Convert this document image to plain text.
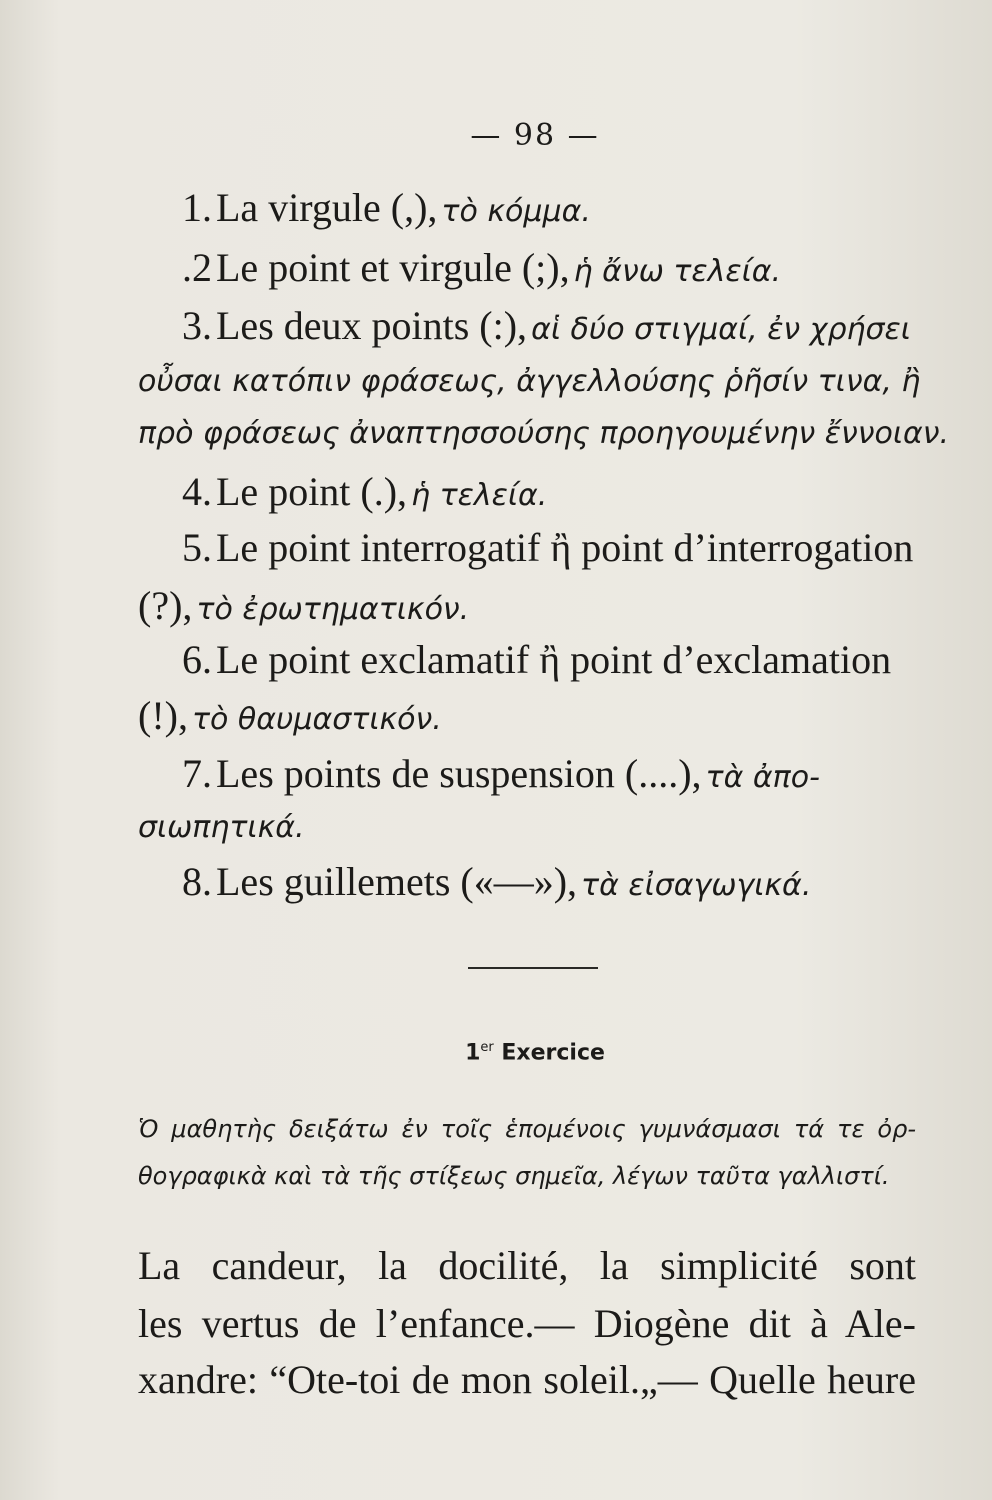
— 98 —
1. La virgule (,), τὸ κόμμα.
.2 Le point et virgule (;), ἡ ἄνω τελεία.
3. Les deux points (:), αἱ δύο στιγμαί, ἐν χρήσει
οὖσαι κατόπιν φράσεως, ἀγγελλούσης ῥῆσίν τινα, ἢ
πρὸ φράσεως ἀναπτησσούσης προηγουμένην ἔννοιαν.
4. Le point (.), ἡ τελεία.
5. Le point interrogatif ἢ point d’interrogation
(?), τὸ ἐρωτηματικόν.
6. Le point exclamatif ἢ point d’exclamation
(!), τὸ θαυμαστικόν.
7. Les points de suspension (....), τὰ ἀπο-
σιωπητικά.
8. Les guillemets («—»), τὰ εἰσαγωγικά.
1er Exercice
Ὁ μαθητὴς δειξάτω ἐν τοῖς ἑπομένοις γυμνάσμασι τά τε ὀρ-
θογραφικὰ καὶ τὰ τῆς στίξεως σημεῖα, λέγων ταῦτα γαλλιστί.
La candeur, la docilité, la simplicité sont
les vertus de l’enfance.— Diogène dit à Ale-
xandre: “Ote-toi de mon soleil.„— Quelle heure
